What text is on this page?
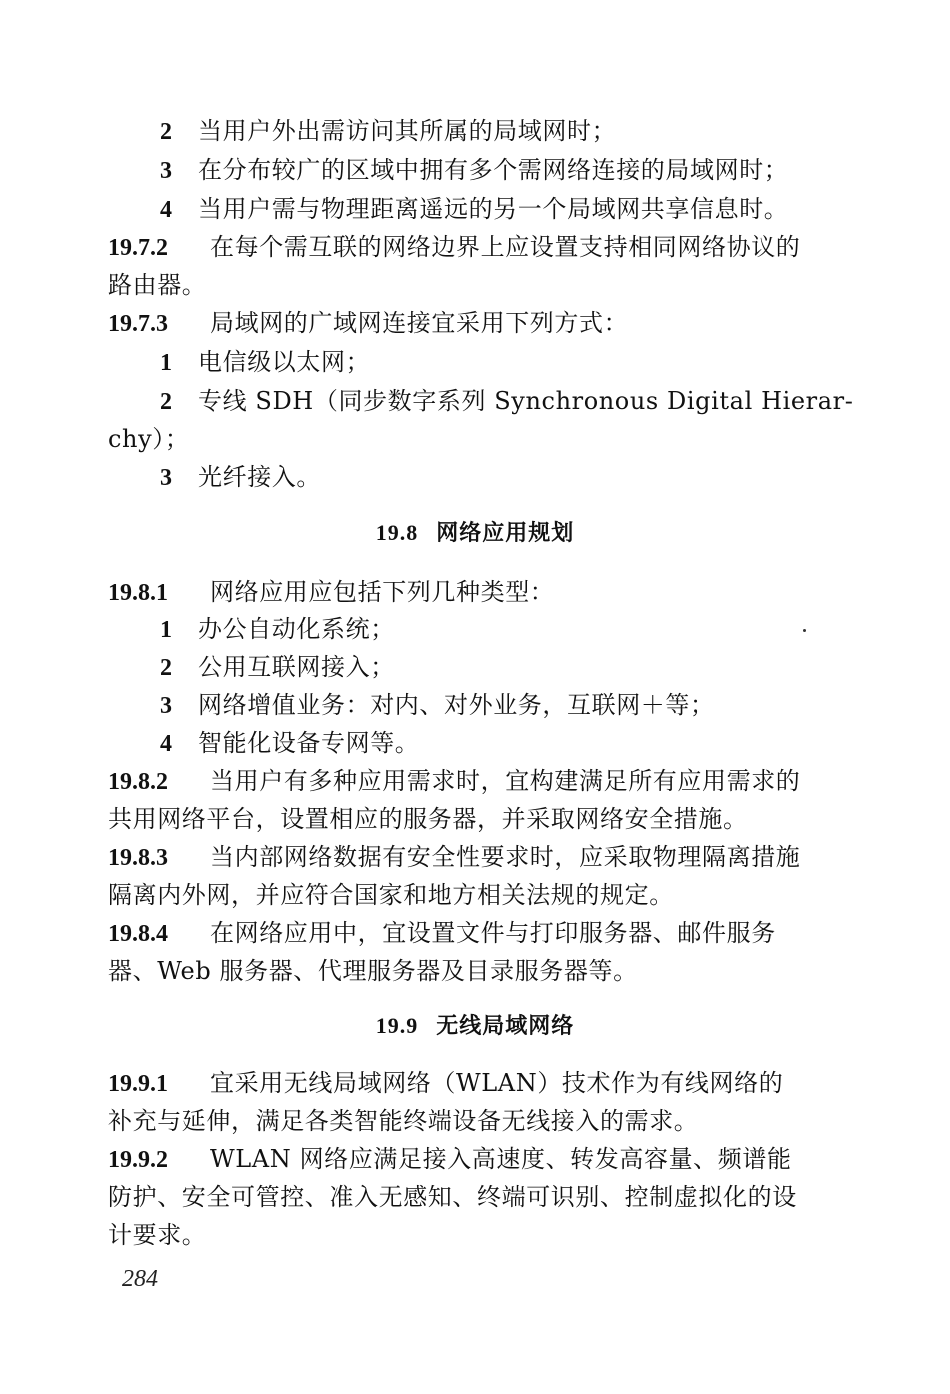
2 当用户外出需访问其所属的局域网时；
3 在分布较广的区域中拥有多个需网络连接的局域网时；
4 当用户需与物理距离遥远的另一个局域网共享信息时。
19.7.2 在每个需互联的网络边界上应设置支持相同网络协议的
路由器。
19.7.3 局域网的广域网连接宜采用下列方式：
1 电信级以太网；
2 专线 SDH（同步数字系列 Synchronous Digital Hierar-
chy）；
3 光纤接入。
19.8 网络应用规划
19.8.1 网络应用应包括下列几种类型：
1 办公自动化系统；
2 公用互联网接入；
3 网络增值业务：对内、对外业务，互联网＋等；
4 智能化设备专网等。
19.8.2 当用户有多种应用需求时，宜构建满足所有应用需求的
共用网络平台，设置相应的服务器，并采取网络安全措施。
19.8.3 当内部网络数据有安全性要求时，应采取物理隔离措施
隔离内外网，并应符合国家和地方相关法规的规定。
19.8.4 在网络应用中，宜设置文件与打印服务器、邮件服务
器、Web 服务器、代理服务器及目录服务器等。
19.9 无线局域网络
19.9.1 宜采用无线局域网络（WLAN）技术作为有线网络的
补充与延伸，满足各类智能终端设备无线接入的需求。
19.9.2 WLAN 网络应满足接入高速度、转发高容量、频谱能
防护、安全可管控、准入无感知、终端可识别、控制虚拟化的设
计要求。
284
